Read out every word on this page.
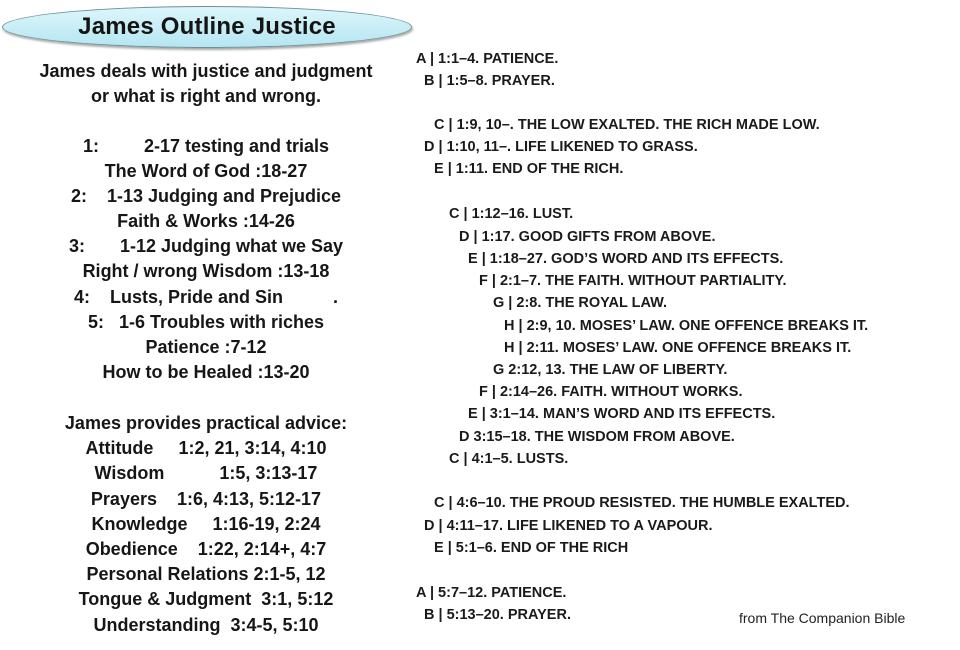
James Outline Justice
James deals with justice and judgment
or what is right and wrong.
1:         2-17 testing and trials
The Word of God :18-27
2:    1-13 Judging and Prejudice
Faith & Works :14-26
3:       1-12 Judging what we Say
Right / wrong Wisdom :13-18
4:    Lusts, Pride and Sin          .
5:   1-6 Troubles with riches
Patience :7-12
How to be Healed :13-20
James provides practical advice:
Attitude     1:2, 21, 3:14, 4:10
Wisdom           1:5, 3:13-17
Prayers    1:6, 4:13, 5:12-17
Knowledge     1:16-19, 2:24
Obedience    1:22, 2:14+, 4:7
Personal Relations 2:1-5, 12
Tongue & Judgment  3:1, 5:12
Understanding  3:4-5, 5:10
A | 1:1–4. PATIENCE.
B | 1:5–8. PRAYER.
C | 1:9, 10–. THE LOW EXALTED. THE RICH MADE LOW.
D | 1:10, 11–. LIFE LIKENED TO GRASS.
E | 1:11. END OF THE RICH.
C | 1:12–16. LUST.
D | 1:17. GOOD GIFTS FROM ABOVE.
E | 1:18–27. GOD’S WORD AND ITS EFFECTS.
F | 2:1–7. THE FAITH. WITHOUT PARTIALITY.
G | 2:8. THE ROYAL LAW.
H | 2:9, 10. MOSES’ LAW. ONE OFFENCE BREAKS IT.
H | 2:11. MOSES’ LAW. ONE OFFENCE BREAKS IT.
G 2:12, 13. THE LAW OF LIBERTY.
F | 2:14–26. FAITH. WITHOUT WORKS.
E | 3:1–14. MAN’S WORD AND ITS EFFECTS.
D 3:15–18. THE WISDOM FROM ABOVE.
C | 4:1–5. LUSTS.
C | 4:6–10. THE PROUD RESISTED. THE HUMBLE EXALTED.
D | 4:11–17. LIFE LIKENED TO A VAPOUR.
E | 5:1–6. END OF THE RICH
A | 5:7–12. PATIENCE.
B | 5:13–20. PRAYER.	from The Companion Bible
